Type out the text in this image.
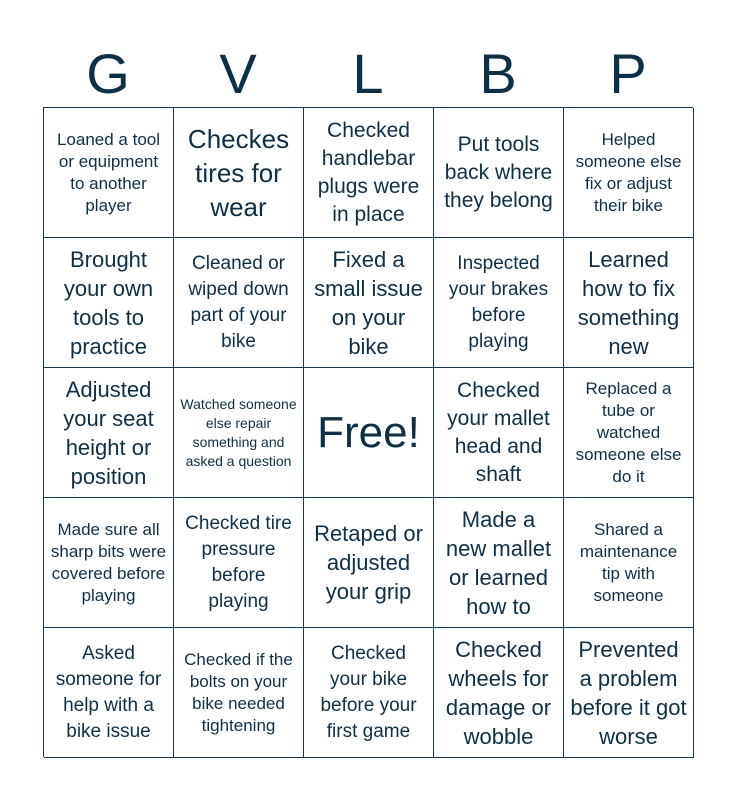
G	V	L	B	P
Loaned a tool or equipment to another player
Checkes tires for wear
Checked handlebar plugs were in place
Put tools back where they belong
Helped someone else fix or adjust their bike
Brought your own tools to practice
Cleaned or wiped down part of your bike
Fixed a small issue on your bike
Inspected your brakes before playing
Learned how to fix something new
Adjusted your seat height or position
Watched someone else repair something and asked a question
Free!
Checked your mallet head and shaft
Replaced a tube or watched someone else do it
Made sure all sharp bits were covered before playing
Checked tire pressure before playing
Retaped or adjusted your grip
Made a new mallet or learned how to
Shared a maintenance tip with someone
Asked someone for help with a bike issue
Checked if the bolts on your bike needed tightening
Checked your bike before your first game
Checked wheels for damage or wobble
Prevented a problem before it got worse
